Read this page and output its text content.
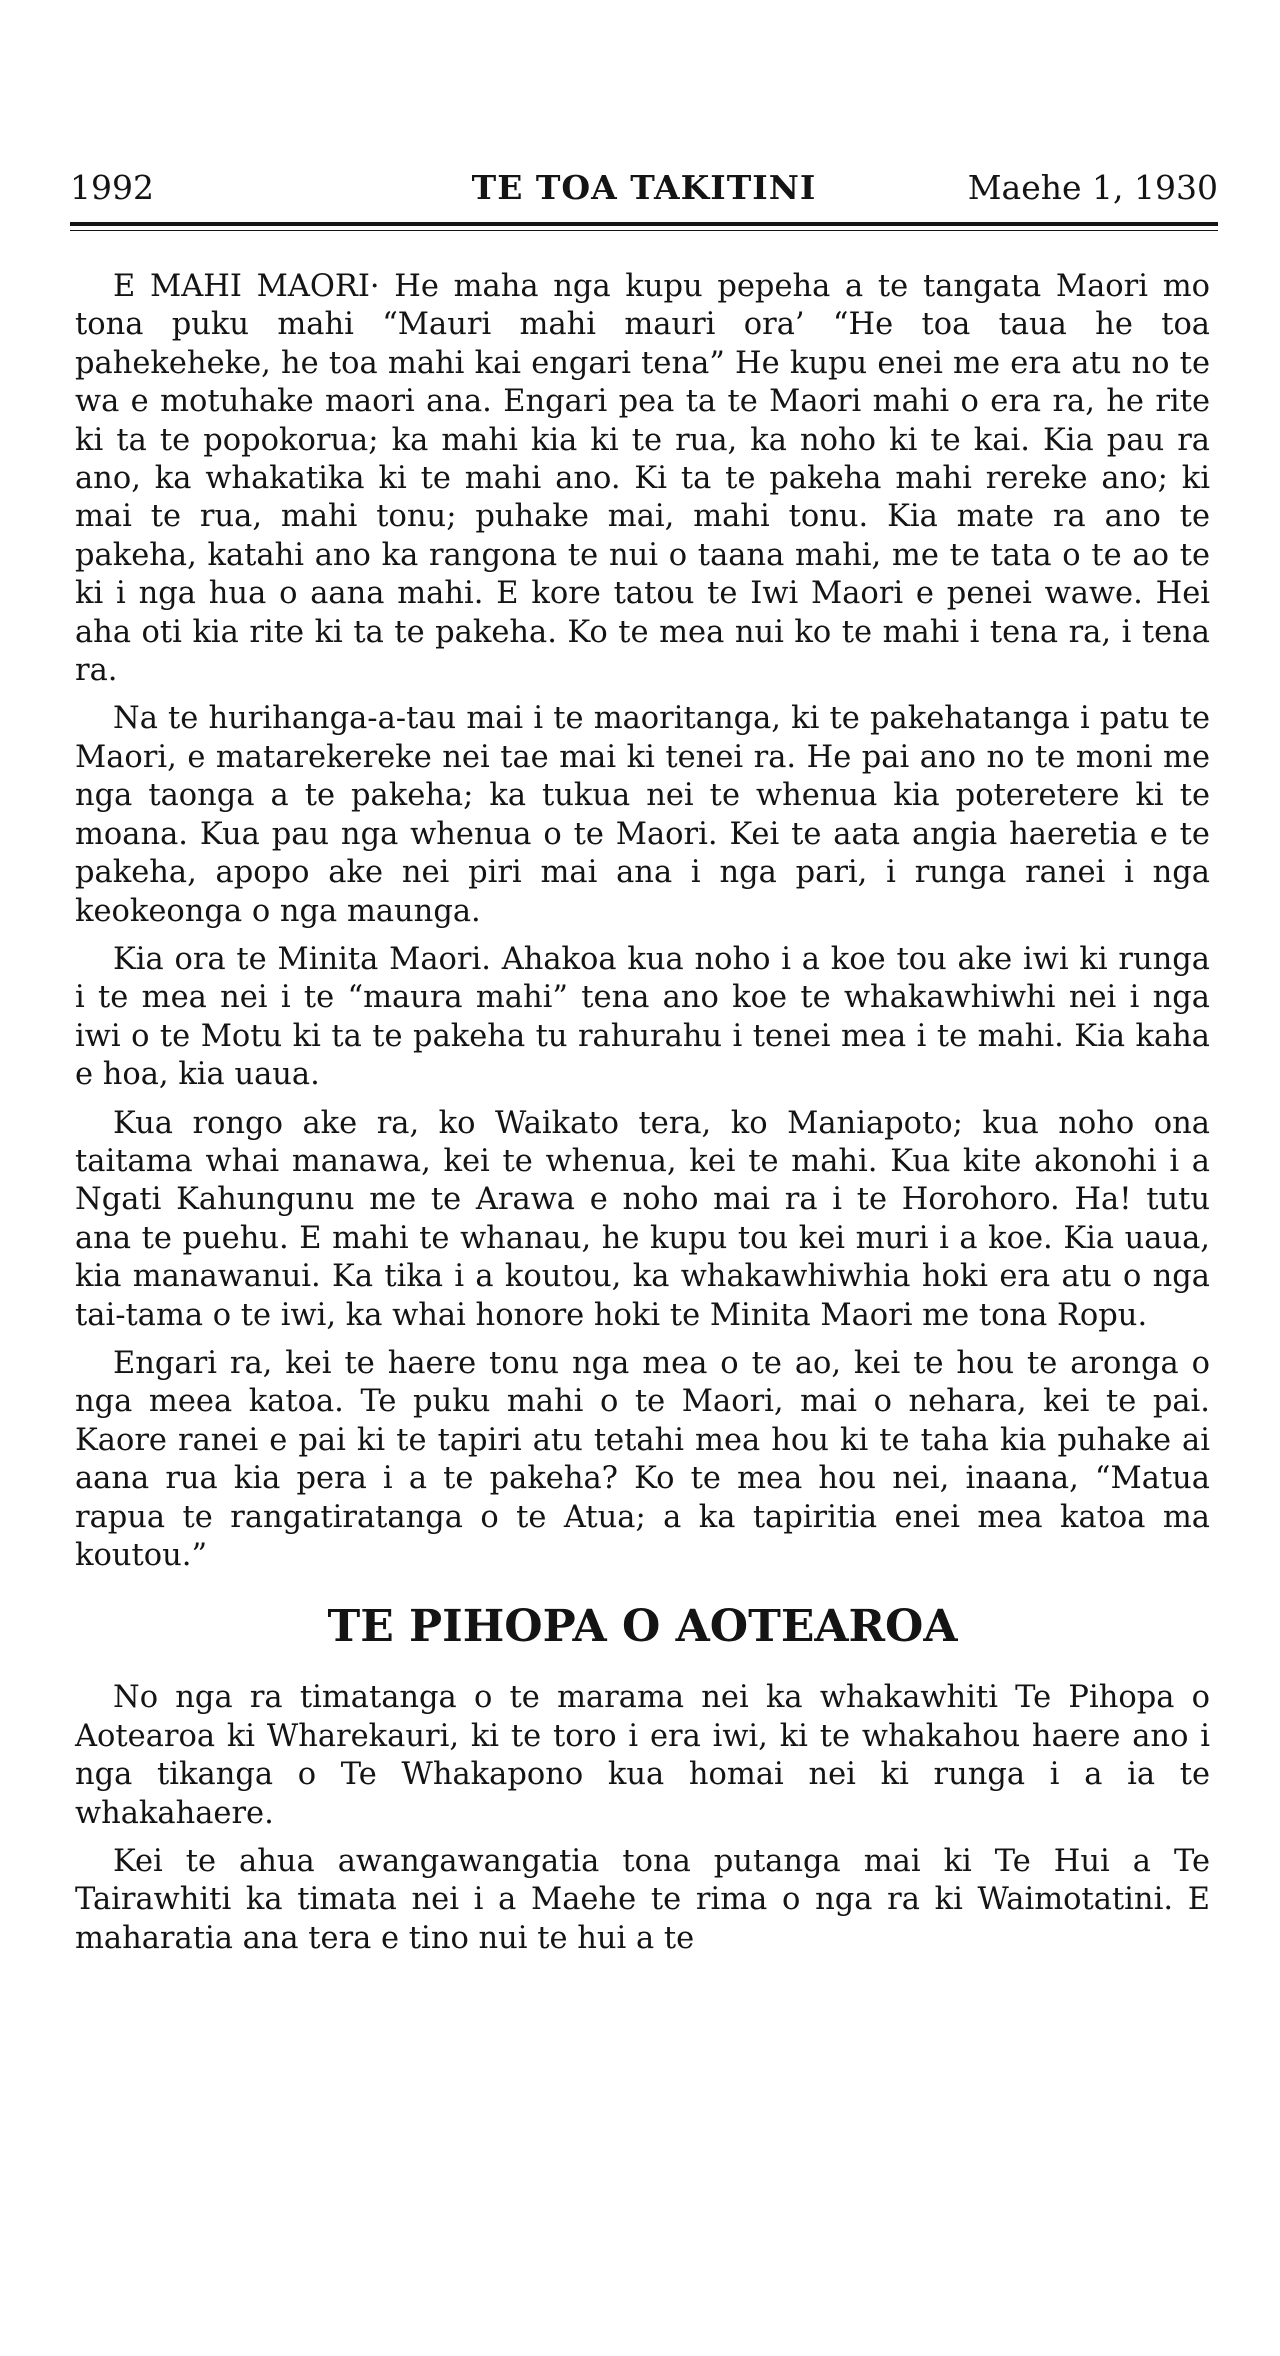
1992	TE TOA TAKITINI	Maehe 1, 1930

E MAHI MAORI· He maha nga kupu pepeha a te tangata Maori mo tona puku mahi “Mauri mahi mauri ora’ “He toa taua he toa pahekeheke, he toa mahi kai engari tena” He kupu enei me era atu no te wa e motuhake maori ana. Engari pea ta te Maori mahi o era ra, he rite ki ta te popokorua; ka mahi kia ki te rua, ka noho ki te kai. Kia pau ra ano, ka whakatika ki te mahi ano. Ki ta te pakeha mahi rereke ano; ki mai te rua, mahi tonu; puhake mai, mahi tonu. Kia mate ra ano te pakeha, katahi ano ka rangona te nui o taana mahi, me te tata o te ao te ki i nga hua o aana mahi. E kore tatou te Iwi Maori e penei wawe. Hei aha oti kia rite ki ta te pakeha. Ko te mea nui ko te mahi i tena ra, i tena ra.

Na te hurihanga-a-tau mai i te maoritanga, ki te pakehatanga i patu te Maori, e matarekereke nei tae mai ki tenei ra. He pai ano no te moni me nga taonga a te pakeha; ka tukua nei te whenua kia poteretere ki te moana. Kua pau nga whenua o te Maori. Kei te aata angia haeretia e te pakeha, apopo ake nei piri mai ana i nga pari, i runga ranei i nga keokeonga o nga maunga.

Kia ora te Minita Maori. Ahakoa kua noho i a koe tou ake iwi ki runga i te mea nei i te “maura mahi” tena ano koe te whakawhiwhi nei i nga iwi o te Motu ki ta te pakeha tu rahurahu i tenei mea i te mahi. Kia kaha e hoa, kia uaua.

Kua rongo ake ra, ko Waikato tera, ko Maniapoto; kua noho ona taitama whai manawa, kei te whenua, kei te mahi. Kua kite akonohi i a Ngati Kahungunu me te Arawa e noho mai ra i te Horohoro. Ha! tutu ana te puehu. E mahi te whanau, he kupu tou kei muri i a koe. Kia uaua, kia manawanui. Ka tika i a koutou, ka whakawhiwhia hoki era atu o nga tai-tama o te iwi, ka whai honore hoki te Minita Maori me tona Ropu.

Engari ra, kei te haere tonu nga mea o te ao, kei te hou te aronga o nga meea katoa. Te puku mahi o te Maori, mai o nehara, kei te pai. Kaore ranei e pai ki te tapiri atu tetahi mea hou ki te taha kia puhake ai aana rua kia pera i a te pakeha? Ko te mea hou nei, inaana, “Matua rapua te rangatiratanga o te Atua; a ka tapiritia enei mea katoa ma koutou.”

TE PIHOPA O AOTEAROA

No nga ra timatanga o te marama nei ka whakawhiti Te Pihopa o Aotearoa ki Wharekauri, ki te toro i era iwi, ki te whakahou haere ano i nga tikanga o Te Whakapono kua homai nei ki runga i a ia te whakahaere.

Kei te ahua awangawangatia tona putanga mai ki Te Hui a Te Tairawhiti ka timata nei i a Maehe te rima o nga ra ki Waimotatini. E maharatia ana tera e tino nui te hui a te
